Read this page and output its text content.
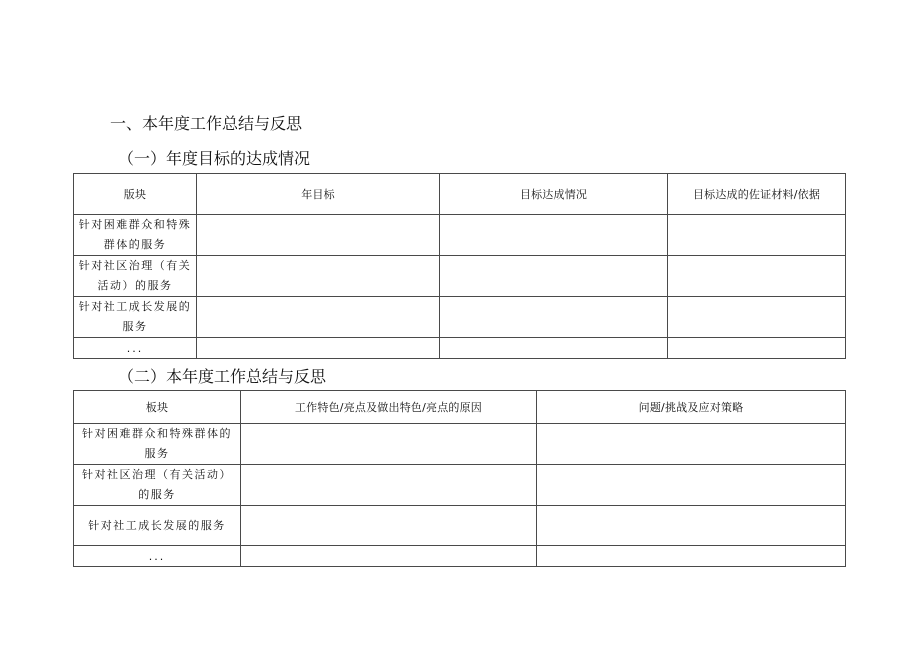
一、本年度工作总结与反思
（一）年度目标的达成情况
版块	年目标	目标达成情况	目标达成的佐证材料/依据

针对困难群众和特殊
群体的服务			

针对社区治理（有关
活动）的服务			

针对社工成长发展的
服务			

...			
（二）本年度工作总结与反思
板块	工作特色/亮点及做出特色/亮点的原因	问题/挑战及应对策略

针对困难群众和特殊群体的
服务		

针对社区治理（有关活动）
的服务		

针对社工成长发展的服务		

...		
